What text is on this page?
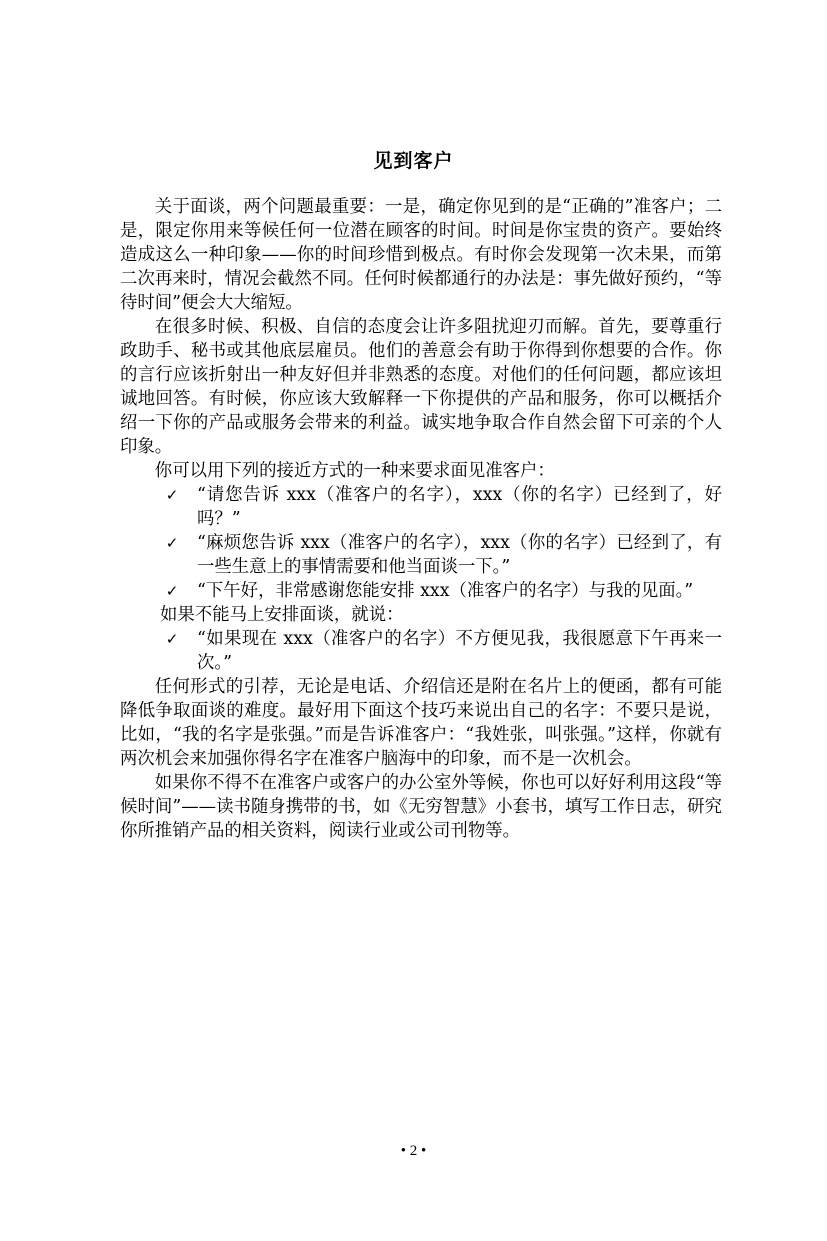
见到客户

关于面谈，两个问题最重要：一是，确定你见到的是“正确的”准客户；二是，限定你用来等候任何一位潜在顾客的时间。时间是你宝贵的资产。要始终造成这么一种印象——你的时间珍惜到极点。有时你会发现第一次未果，而第二次再来时，情况会截然不同。任何时候都通行的办法是：事先做好预约，“等待时间”便会大大缩短。

在很多时候、积极、自信的态度会让许多阻扰迎刃而解。首先，要尊重行政助手、秘书或其他底层雇员。他们的善意会有助于你得到你想要的合作。你的言行应该折射出一种友好但并非熟悉的态度。对他们的任何问题，都应该坦诚地回答。有时候，你应该大致解释一下你提供的产品和服务，你可以概括介绍一下你的产品或服务会带来的利益。诚实地争取合作自然会留下可亲的个人印象。

你可以用下列的接近方式的一种来要求面见准客户：

✓ “请您告诉 xxx（准客户的名字），xxx（你的名字）已经到了，好吗？”
✓ “麻烦您告诉 xxx（准客户的名字），xxx（你的名字）已经到了，有一些生意上的事情需要和他当面谈一下。”
✓ “下午好，非常感谢您能安排 xxx（准客户的名字）与我的见面。”

如果不能马上安排面谈，就说：

✓ “如果现在 xxx（准客户的名字）不方便见我，我很愿意下午再来一次。”

任何形式的引荐，无论是电话、介绍信还是附在名片上的便函，都有可能降低争取面谈的难度。最好用下面这个技巧来说出自己的名字：不要只是说，比如，“我的名字是张强。”而是告诉准客户：“我姓张，叫张强。”这样，你就有两次机会来加强你得名字在准客户脑海中的印象，而不是一次机会。

如果你不得不在准客户或客户的办公室外等候，你也可以好好利用这段“等候时间”——读书随身携带的书，如《无穷智慧》小套书，填写工作日志，研究你所推销产品的相关资料，阅读行业或公司刊物等。

• 2 •
